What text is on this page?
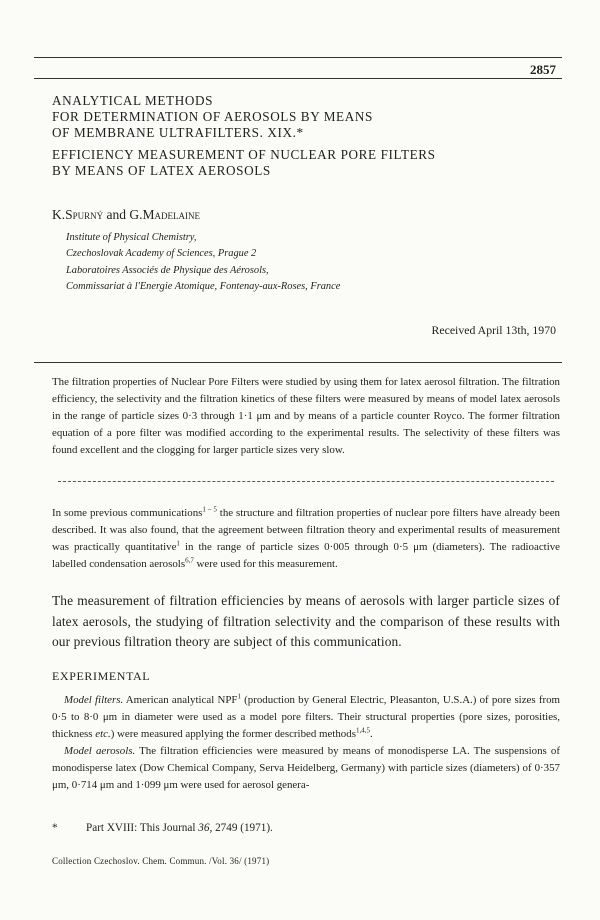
2857
ANALYTICAL METHODS
FOR DETERMINATION OF AEROSOLS BY MEANS
OF MEMBRANE ULTRAFILTERS. XIX.*
EFFICIENCY MEASUREMENT OF NUCLEAR PORE FILTERS
BY MEANS OF LATEX AEROSOLS
K.Spurný and G.Madelaine
Institute of Physical Chemistry,
Czechoslovak Academy of Sciences, Prague 2
Laboratoires Associés de Physique des Aérosols,
Commissariat à l'Energie Atomique, Fontenay-aux-Roses, France
Received April 13th, 1970
The filtration properties of Nuclear Pore Filters were studied by using them for latex aerosol filtration. The filtration efficiency, the selectivity and the filtration kinetics of these filters were measured by means of model latex aerosols in the range of particle sizes 0·3 through 1·1 μm and by means of a particle counter Royco. The former filtration equation of a pore filter was modified according to the experimental results. The selectivity of these filters was found excellent and the clogging for larger particle sizes very slow.
In some previous communications$^{1 - 5}$ the structure and filtration properties of nuclear pore filters have already been described. It was also found, that the agreement between filtration theory and experimental results of measurement was practically quantitative$^1$ in the range of particle sizes 0·005 through 0·5 μm (diameters). The radioactive labelled condensation aerosols$^{6,7}$ were used for this measurement.
The measurement of filtration efficiencies by means of aerosols with larger particle sizes of latex aerosols, the studying of filtration selectivity and the comparison of these results with our previous filtration theory are subject of this communication.
EXPERIMENTAL

Model filters. American analytical NPF$^1$ (production by General Electric, Pleasanton, U.S.A.) of pore sizes from 0·5 to 8·0 μm in diameter were used as a model pore filters. Their structural properties (pore sizes, porosities, thickness etc.) were measured applying the former described methods$^{1,4,5}$.

Model aerosols. The filtration efficiencies were measured by means of monodisperse LA. The suspensions of monodisperse latex (Dow Chemical Company, Serva Heidelberg, Germany) with particle sizes (diameters) of 0·357 μm, 0·714 μm and 1·099 μm were used for aerosol genera-

*	Part XVIII: This Journal 36, 2749 (1971).
Collection Czechoslov. Chem. Commun. /Vol. 36/ (1971)
